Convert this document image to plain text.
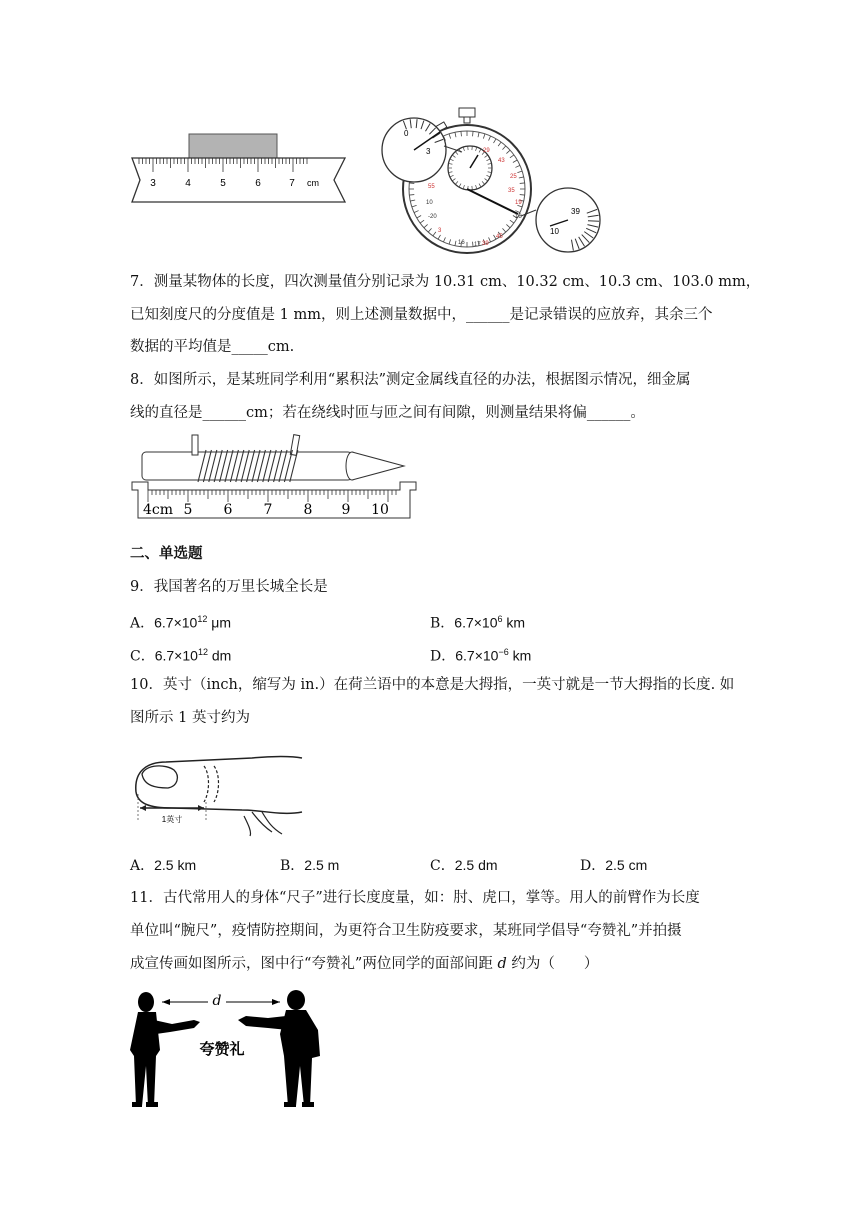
3	4	5	6	7 cm
29
43
55
25
10
-20
16
45
3
18
19
17
35
39
0
3
39
10
7．测量某物体的长度，四次测量值分别记录为 10.31 cm、10.32 cm、10.3 cm、103.0 mm，
已知刻度尺的分度值是 1 mm，则上述测量数据中，______是记录错误的应放弃，其余三个
数据的平均值是_____cm.
8．如图所示，是某班同学利用“累积法”测定金属线直径的办法，根据图示情况，细金属
线的直径是______cm；若在绕线时匝与匝之间有间隙，则测量结果将偏______。
4cm 5 6 7 8 9 10
二、单选题
9．我国著名的万里长城全长是
A．$6.7\times 10^{12}$ μm	B．$6.7\times 10^6$ km
C．$6.7\times 10^{12}$ dm	D．$6.7\times 10^{-6}$ km
10．英寸（inch，缩写为 in.）在荷兰语中的本意是大拇指，一英寸就是一节大拇指的长度. 如
图所示 1 英寸约为
1英寸
A．2.5 km	B．2.5 m	C．2.5 dm	D．2.5 cm
11．古代常用人的身体“尺子”进行长度度量，如：肘、虎口，掌等。用人的前臂作为长度
单位叫“腕尺”，疫情防控期间，为更符合卫生防疫要求，某班同学倡导“夸赞礼”并拍摄
成宣传画如图所示，图中行“夸赞礼”两位同学的面部间距 d 约为（　　）
d
夸赞礼
